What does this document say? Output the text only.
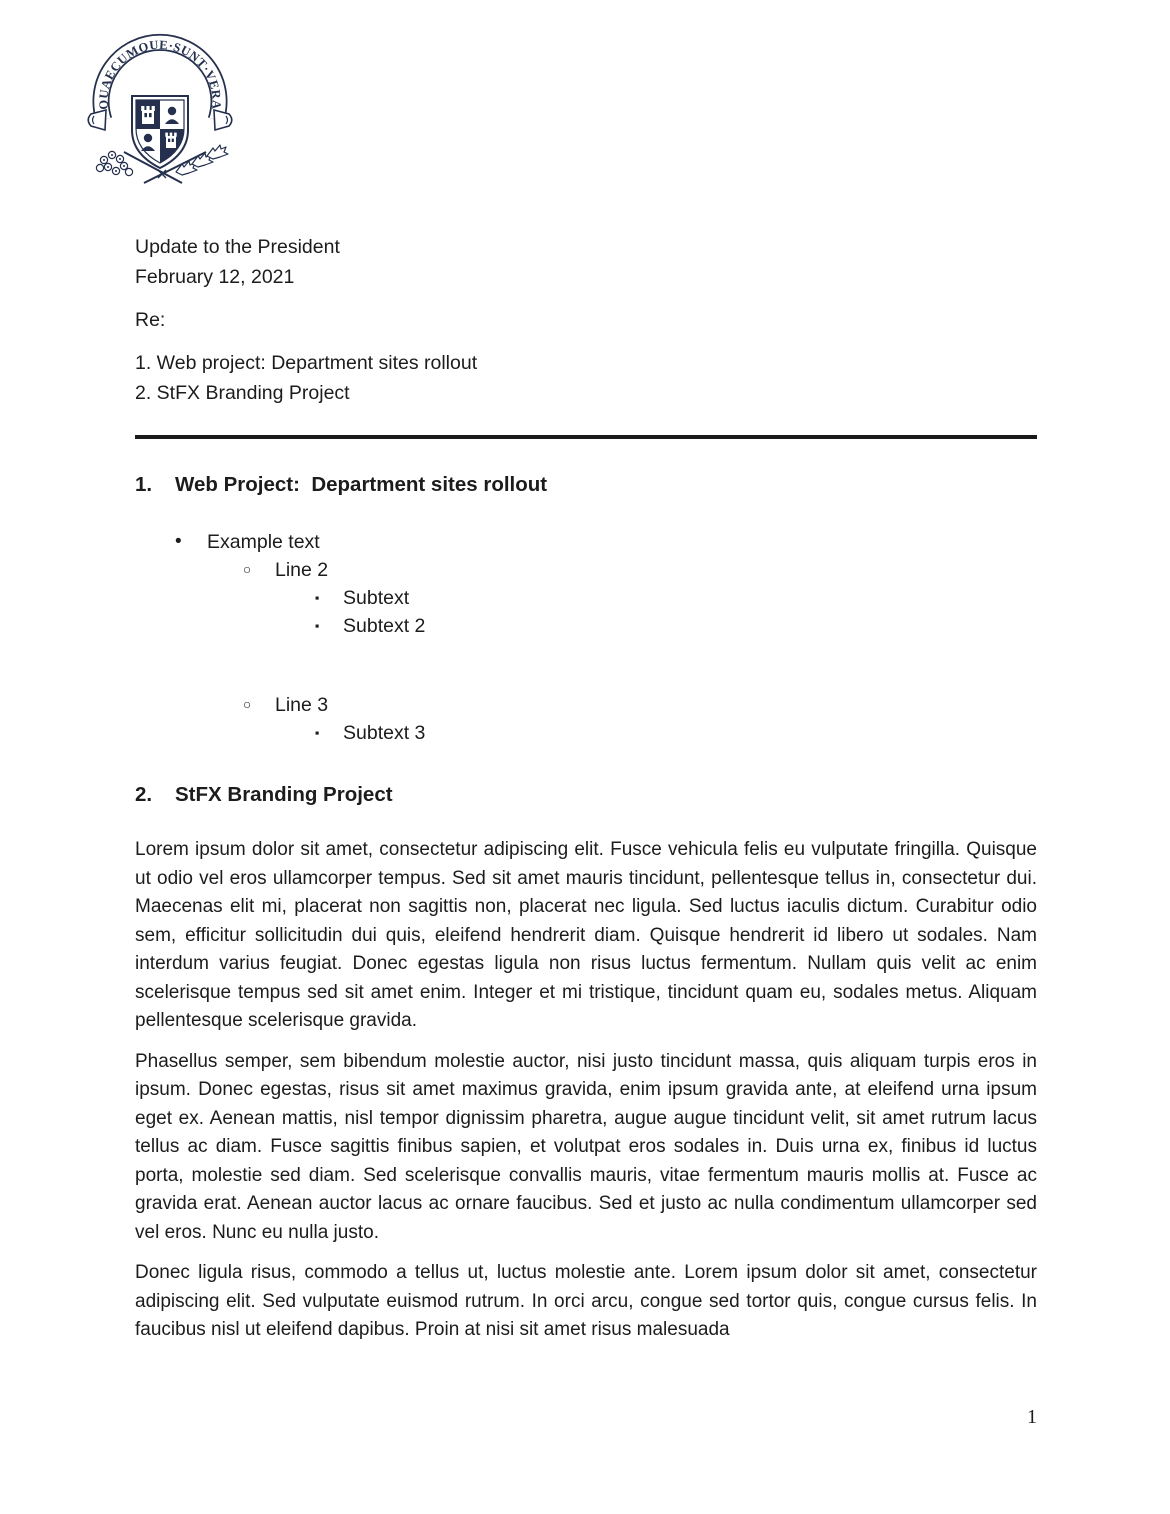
QUAECUMQUE·SUNT·VERA
Update to the President
February 12, 2021
Re:
1. Web project: Department sites rollout
2. StFX Branding Project
1.	Web Project:  Department sites rollout
•	Example text
○	Line 2
▪	Subtext
▪	Subtext 2
○	Line 3
▪	Subtext 3
2.	StFX Branding Project

Lorem ipsum dolor sit amet, consectetur adipiscing elit. Fusce vehicula felis eu vulputate fringilla. Quisque ut odio vel eros ullamcorper tempus. Sed sit amet mauris tincidunt, pellentesque tellus in, consectetur dui. Maecenas elit mi, placerat non sagittis non, placerat nec ligula. Sed luctus iaculis dictum. Curabitur odio sem, efficitur sollicitudin dui quis, eleifend hendrerit diam. Quisque hendrerit id libero ut sodales. Nam interdum varius feugiat. Donec egestas ligula non risus luctus fermentum. Nullam quis velit ac enim scelerisque tempus sed sit amet enim. Integer et mi tristique, tincidunt quam eu, sodales metus. Aliquam pellentesque scelerisque gravida.

Phasellus semper, sem bibendum molestie auctor, nisi justo tincidunt massa, quis aliquam turpis eros in ipsum. Donec egestas, risus sit amet maximus gravida, enim ipsum gravida ante, at eleifend urna ipsum eget ex. Aenean mattis, nisl tempor dignissim pharetra, augue augue tincidunt velit, sit amet rutrum lacus tellus ac diam. Fusce sagittis finibus sapien, et volutpat eros sodales in. Duis urna ex, finibus id luctus porta, molestie sed diam. Sed scelerisque convallis mauris, vitae fermentum mauris mollis at. Fusce ac gravida erat. Aenean auctor lacus ac ornare faucibus. Sed et justo ac nulla condimentum ullamcorper sed vel eros. Nunc eu nulla justo.

Donec ligula risus, commodo a tellus ut, luctus molestie ante. Lorem ipsum dolor sit amet, consectetur adipiscing elit. Sed vulputate euismod rutrum. In orci arcu, congue sed tortor quis, congue cursus felis. In faucibus nisl ut eleifend dapibus. Proin at nisi sit amet risus malesuada

1
